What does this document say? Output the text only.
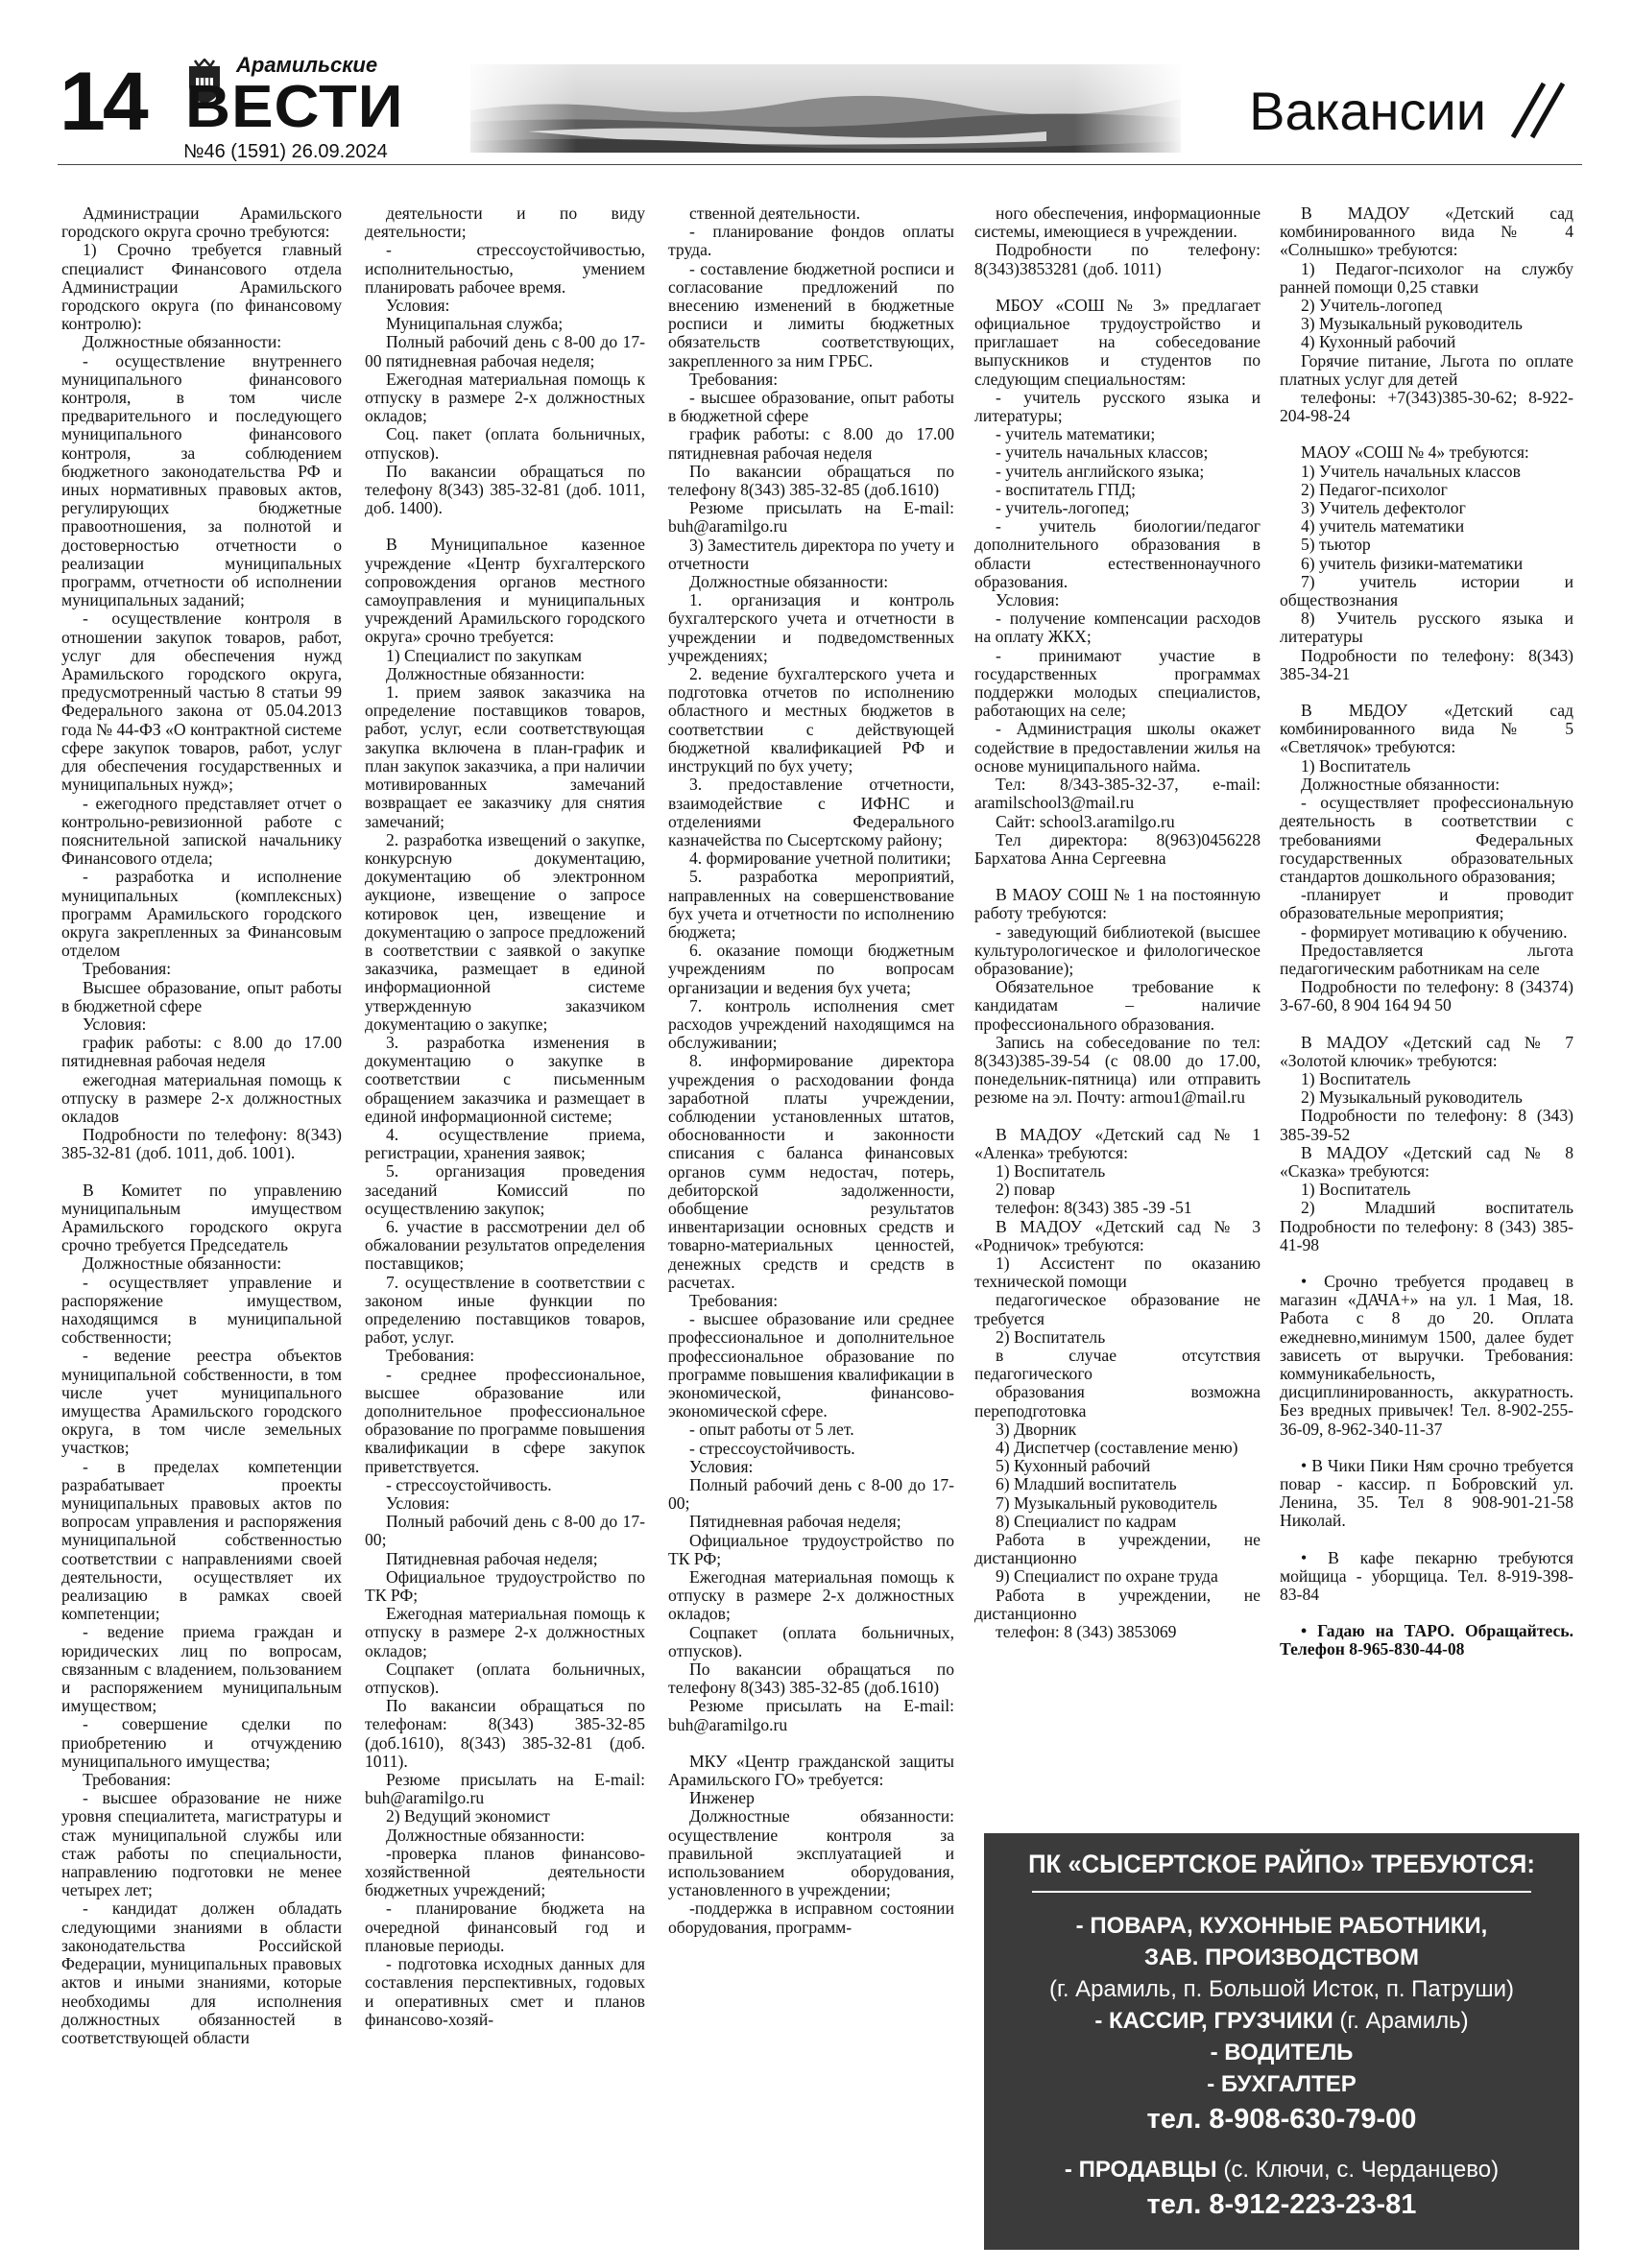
14	Арамильские
ВЕСТИ
№46 (1591) 26.09.2024
Вакансии

Администрации Арамильского городского округа срочно требуются:

1) Срочно требуется главный специалист Финансового отдела Администрации Арамильского городского округа (по финансовому контролю):

Должностные обязанности:

- осуществление внутреннего муниципального финансового контроля, в том числе предварительного и последующего муниципального финансового контроля, за соблюдением бюджетного законодательства РФ и иных нормативных правовых актов, регулирующих бюджетные правоотношения, за полнотой и достоверностью отчетности о реализации муниципальных программ, отчетности об исполнении муниципальных заданий;

- осуществление контроля в отношении закупок товаров, работ, услуг для обеспечения нужд Арамильского городского округа, предусмотренный частью 8 статьи 99 Федерального закона от 05.04.2013 года № 44-ФЗ «О контрактной системе сфере закупок товаров, работ, услуг для обеспечения государственных и муниципальных нужд»;

- ежегодного представляет отчет о контрольно-ревизионной работе с пояснительной запиской начальнику Финансового отдела;

- разработка и исполнение муниципальных (комплексных) программ Арамильского городского округа закрепленных за Финансовым отделом

Требования:

Высшее образование, опыт работы в бюджетной сфере

Условия:

график работы: с 8.00 до 17.00 пятидневная рабочая неделя

ежегодная материальная помощь к отпуску в размере 2-х должностных окладов

Подробности по телефону: 8(343) 385-32-81 (доб. 1011, доб. 1001).

В Комитет по управлению муниципальным имуществом Арамильского городского округа срочно требуется Председатель

Должностные обязанности:

- осуществляет управление и распоряжение имуществом, находящимся в муниципальной собственности;

- ведение реестра объектов муниципальной собственности, в том числе учет муниципального имущества Арамильского городского округа, в том числе земельных участков;

- в пределах компетенции разрабатывает проекты муниципальных правовых актов по вопросам управления и распоряжения муниципальной собственностью соответствии с направлениями своей деятельности, осуществляет их реализацию в рамках своей компетенции;

- ведение приема граждан и юридических лиц по вопросам, связанным с владением, пользованием и распоряжением муниципальным имуществом;

- совершение сделки по приобретению и отчуждению муниципального имущества;

Требования:

- высшее образование не ниже уровня специалитета, магистратуры и стаж муниципальной службы или стаж работы по специальности, направлению подготовки не менее четырех лет;

- кандидат должен обладать следующими знаниями в области законодательства Российской Федерации, муниципальных правовых актов и иными знаниями, которые необходимы для исполнения должностных обязанностей в соответствующей области

деятельности и по виду деятельности;

- стрессоустойчивостью, исполнительностью, умением планировать рабочее время.

Условия:

Муниципальная служба;

Полный рабочий день с 8-00 до 17-00 пятидневная рабочая неделя;

Ежегодная материальная помощь к отпуску в размере 2-х должностных окладов;

Соц. пакет (оплата больничных, отпусков).

По вакансии обращаться по телефону 8(343) 385-32-81 (доб. 1011, доб. 1400).

В Муниципальное казенное учреждение «Центр бухгалтерского сопровождения органов местного самоуправления и муниципальных учреждений Арамильского городского округа» срочно требуется:

1) Специалист по закупкам

Должностные обязанности:

1. прием заявок заказчика на определение поставщиков товаров, работ, услуг, если соответствующая закупка включена в план-график и план закупок заказчика, а при наличии мотивированных замечаний возвращает ее заказчику для снятия замечаний;

2. разработка извещений о закупке, конкурсную документацию, документацию об электронном аукционе, извещение о запросе котировок цен, извещение и документацию о запросе предложений в соответствии с заявкой о закупке заказчика, размещает в единой информационной системе утвержденную заказчиком документацию о закупке;

3. разработка изменения в документацию о закупке в соответствии с письменным обращением заказчика и размещает в единой информационной системе;

4. осуществление приема, регистрации, хранения заявок;

5. организация проведения заседаний Комиссий по осуществлению закупок;

6. участие в рассмотрении дел об обжаловании результатов определения поставщиков;

7. осуществление в соответствии с законом иные функции по определению поставщиков товаров, работ, услуг.

Требования:

- среднее профессиональное, высшее образование или дополнительное профессиональное образование по программе повышения квалификации в сфере закупок приветствуется.

- стрессоустойчивость.

Условия:

Полный рабочий день с 8-00 до 17-00;

Пятидневная рабочая неделя;

Официальное трудоустройство по ТК РФ;

Ежегодная материальная помощь к отпуску в размере 2-х должностных окладов;

Соцпакет (оплата больничных, отпусков).

По вакансии обращаться по телефонам: 8(343) 385-32-85 (доб.1610), 8(343) 385-32-81 (доб. 1011).

Резюме присылать на E-mail: buh@aramilgo.ru

2) Ведущий экономист

Должностные обязанности:

-проверка планов финансово-хозяйственной деятельности бюджетных учреждений;

- планирование бюджета на очередной финансовый год и плановые периоды.

- подготовка исходных данных для составления перспективных, годовых и оперативных смет и планов финансово-хозяй-

ственной деятельности.

- планирование фондов оплаты труда.

- составление бюджетной росписи и согласование предложений по внесению изменений в бюджетные росписи и лимиты бюджетных обязательств соответствующих, закрепленного за ним ГРБС.

Требования:

- высшее образование, опыт работы в бюджетной сфере

график работы: с 8.00 до 17.00 пятидневная рабочая неделя

По вакансии обращаться по телефону 8(343) 385-32-85 (доб.1610)

Резюме присылать на E-mail: buh@aramilgo.ru

3) Заместитель директора по учету и отчетности

Должностные обязанности:

1. организация и контроль бухгалтерского учета и отчетности в учреждении и подведомственных учреждениях;

2. ведение бухгалтерского учета и подготовка отчетов по исполнению областного и местных бюджетов в соответствии с действующей бюджетной квалификацией РФ и инструкций по бух учету;

3. предоставление отчетности, взаимодействие с ИФНС и отделениями Федерального казначейства по Сысертскому району;

4. формирование учетной политики;

5. разработка мероприятий, направленных на совершенствование бух учета и отчетности по исполнению бюджета;

6. оказание помощи бюджетным учреждениям по вопросам организации и ведения бух учета;

7. контроль исполнения смет расходов учреждений находящимся на обслуживании;

8. информирование директора учреждения о расходовании фонда заработной платы учреждении, соблюдении установленных штатов, обоснованности и законности списания с баланса финансовых органов сумм недостач, потерь, дебиторской задолженности, обобщение результатов инвентаризации основных средств и товарно-материальных ценностей, денежных средств и средств в расчетах.

Требования:

- высшее образование или среднее профессиональное и дополнительное профессиональное образование по программе повышения квалификации в экономической, финансово-экономической сфере.

- опыт работы от 5 лет.

- стрессоустойчивость.

Условия:

Полный рабочий день с 8-00 до 17-00;

Пятидневная рабочая неделя;

Официальное трудоустройство по ТК РФ;

Ежегодная материальная помощь к отпуску в размере 2-х должностных окладов;

Соцпакет (оплата больничных, отпусков).

По вакансии обращаться по телефону 8(343) 385-32-85 (доб.1610)

Резюме присылать на E-mail: buh@aramilgo.ru

МКУ «Центр гражданской защиты Арамильского ГО» требуется:

Инженер

Должностные обязанности: осуществление контроля за правильной эксплуатацией и использованием оборудования, установленного в учреждении;

-поддержка в исправном состоянии оборудования, программ-

ного обеспечения, информационные системы, имеющиеся в учреждении.

Подробности по телефону: 8(343)3853281 (доб. 1011)

МБОУ «СОШ № 3» предлагает официальное трудоустройство и приглашает на собеседование выпускников и студентов по следующим специальностям:

- учитель русского языка и литературы;

- учитель математики;

- учитель начальных классов;

- учитель английского языка;

- воспитатель ГПД;

- учитель-логопед;

- учитель биологии/педагог дополнительного образования в области естественнонаучного образования.

Условия:

- получение компенсации расходов на оплату ЖКХ;

- принимают участие в государственных программах поддержки молодых специалистов, работающих на селе;

- Администрация школы окажет содействие в предоставлении жилья на основе муниципального найма.

Тел: 8/343-385-32-37, e-mail: aramilschool3@mail.ru

Сайт: school3.aramilgo.ru

Тел директора: 8(963)0456228 Бархатова Анна Сергеевна

В МАОУ СОШ № 1 на постоянную работу требуются:

- заведующий библиотекой (высшее культурологическое и филологическое образование);

Обязательное требование к кандидатам – наличие профессионального образования.

Запись на собеседование по тел: 8(343)385-39-54 (с 08.00 до 17.00, понедельник-пятница) или отправить резюме на эл. Почту: armou1@mail.ru

В МАДОУ «Детский сад № 1 «Аленка» требуются:

1) Воспитатель

2) повар

телефон: 8(343) 385 -39 -51

В МАДОУ «Детский сад № 3 «Родничок» требуются:

1) Ассистент по оказанию технической помощи

педагогическое образование не требуется

2) Воспитатель

в случае отсутствия педагогического

образования возможна переподготовка

3) Дворник

4) Диспетчер (составление меню)

5) Кухонный рабочий

6) Младший воспитатель

7) Музыкальный руководитель

8) Специалист по кадрам

Работа в учреждении, не дистанционно

9) Специалист по охране труда

Работа в учреждении, не дистанционно

телефон: 8 (343) 3853069

В МАДОУ «Детский сад комбинированного вида № 4 «Солнышко» требуются:

1) Педагог-психолог на службу ранней помощи 0,25 ставки

2) Учитель-логопед

3) Музыкальный руководитель

4) Кухонный рабочий

Горячие питание, Льгота по оплате платных услуг для детей

телефоны: +7(343)385-30-62; 8-922-204-98-24

МАОУ «СОШ № 4» требуются:

1) Учитель начальных классов

2) Педагог-психолог

3) Учитель дефектолог

4) учитель математики

5) тьютор

6) учитель физики-математики

7) учитель истории и обществознания

8) Учитель русского языка и литературы

Подробности по телефону: 8(343) 385-34-21

В МБДОУ «Детский сад комбинированного вида № 5 «Светлячок» требуются:

1) Воспитатель

Должностные обязанности:

- осуществляет профессиональную деятельность в соответствии с требованиями Федеральных государственных образовательных стандартов дошкольного образования;

-планирует и проводит образовательные мероприятия;

- формирует мотивацию к обучению.

Предоставляется льгота педагогическим работникам на селе

Подробности по телефону: 8 (34374) 3-67-60, 8 904 164 94 50

В МАДОУ «Детский сад № 7 «Золотой ключик» требуются:

1) Воспитатель

2) Музыкальный руководитель

Подробности по телефону: 8 (343) 385-39-52

В МАДОУ «Детский сад № 8 «Сказка» требуются:

1) Воспитатель

2) Младший воспитатель Подробности по телефону: 8 (343) 385-41-98

• Срочно требуется продавец в магазин «ДАЧА+» на ул. 1 Мая, 18. Работа с 8 до 20. Оплата ежедневно,минимум 1500, далее будет зависеть от выручки. Требования: коммуникабельность, дисциплинированность, аккуратность. Без вредных привычек! Тел. 8-902-255-36-09, 8-962-340-11-37

• В Чики Пики Ням срочно требуется повар - кассир. п Бобровский ул. Ленина, 35. Тел 8 908-901-21-58 Николай.

• В кафе пекарню требуются мойщица - уборщица. Тел. 8-919-398-83-84

• Гадаю на ТАРО. Обращайтесь. Телефон 8-965-830-44-08

ПК «СЫСЕРТСКОЕ РАЙПО» ТРЕБУЮТСЯ:
- ПОВАРА, КУХОННЫЕ РАБОТНИКИ,
ЗАВ. ПРОИЗВОДСТВОМ
(г. Арамиль, п. Большой Исток, п. Патруши)
- КАССИР, ГРУЗЧИКИ (г. Арамиль)
- ВОДИТЕЛЬ
- БУХГАЛТЕР
тел. 8-908-630-79-00
- ПРОДАВЦЫ (с. Ключи, с. Черданцево)
тел. 8-912-223-23-81
